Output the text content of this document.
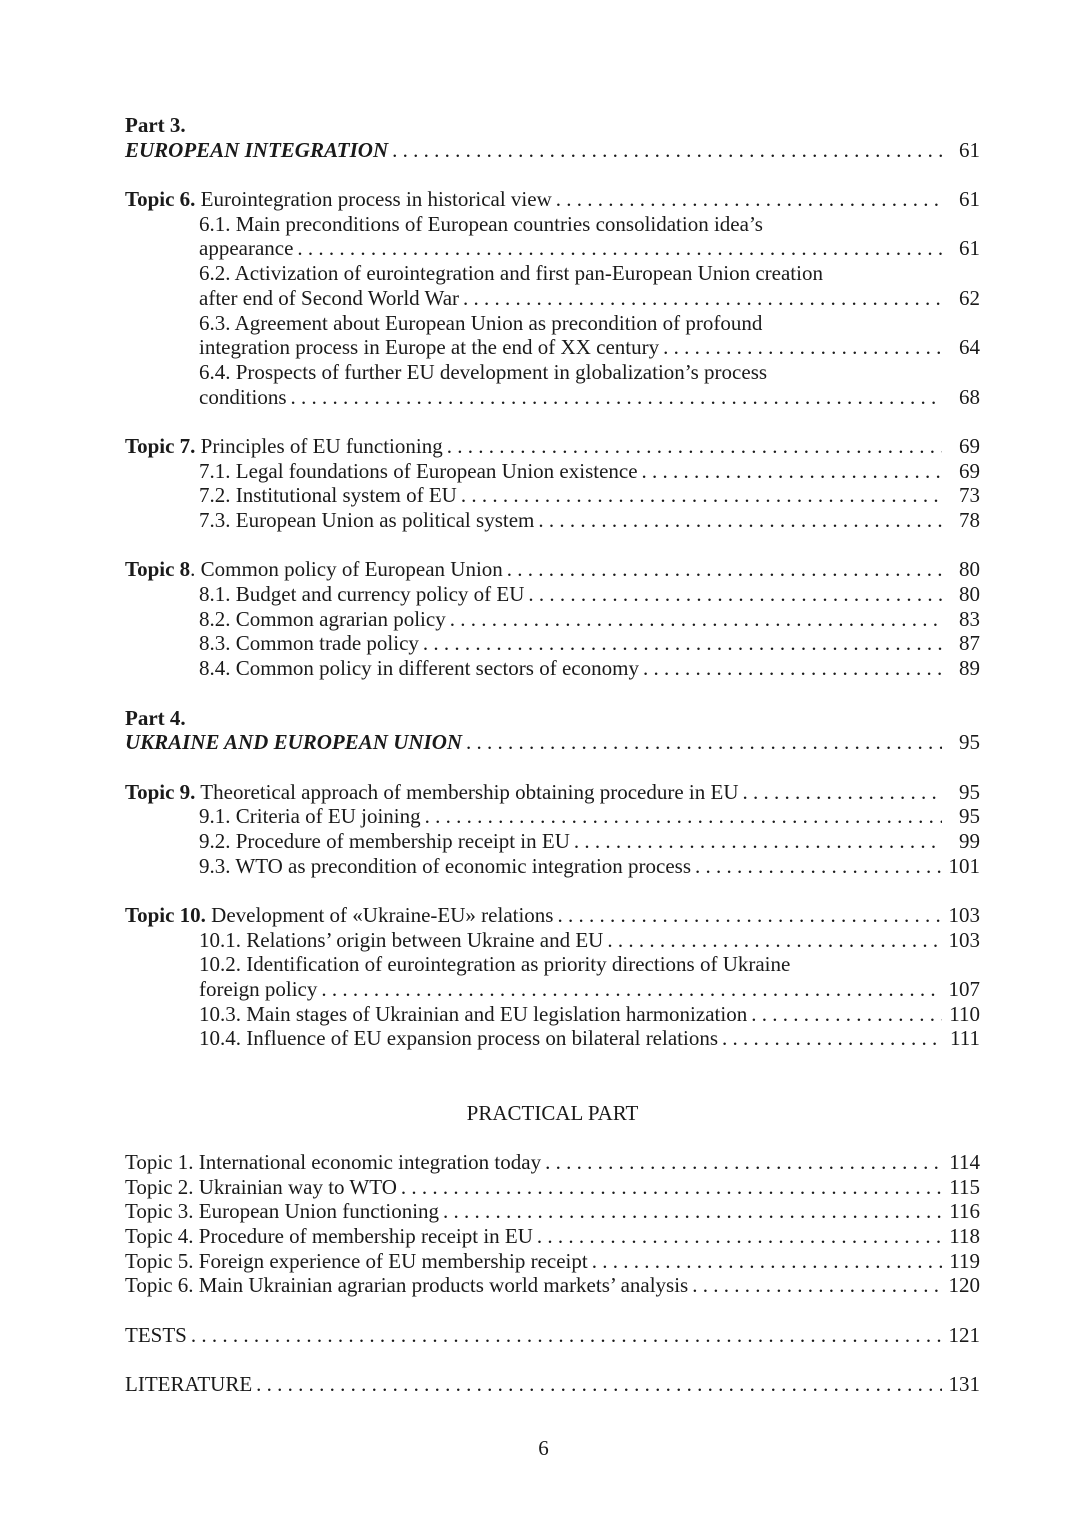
Part 3.
EUROPEAN INTEGRATION . . .	61
Topic 6. Eurointegration process in historical view . . .	61
6.1. Main preconditions of European countries consolidation idea’s
appearance . . .	61
6.2. Activization of eurointegration and first pan-European Union creation
after end of Second World War . . .	62
6.3. Agreement about European Union as precondition of profound
integration process in Europe at the end of XX century . . .	64
6.4. Prospects of further EU development in globalization’s process
conditions . . .	68
Topic 7. Principles of EU functioning . . .	69
7.1. Legal foundations of European Union existence . . .	69
7.2. Institutional system of EU . . .	73
7.3. European Union as political system . . .	78
Topic 8. Common policy of European Union . . .	80
8.1. Budget and currency policy of EU . . .	80
8.2. Common agrarian policy . . .	83
8.3. Common trade policy . . .	87
8.4. Common policy in different sectors of economy . . .	89
Part 4.
UKRAINE AND EUROPEAN UNION . . .	95
Topic 9. Theoretical approach of membership obtaining procedure in EU . . .	95
9.1. Criteria of EU joining . . .	95
9.2. Procedure of membership receipt in EU . . .	99
9.3. WTO as precondition of economic integration process . . .	101
Topic 10. Development of «Ukraine-EU» relations . . .	103
10.1. Relations’ origin between Ukraine and EU . . .	103
10.2. Identification of eurointegration as priority directions of Ukraine
foreign policy . . .	107
10.3. Main stages of Ukrainian and EU legislation harmonization . . .	110
10.4. Influence of EU expansion process on bilateral relations . . .	111
PRACTICAL PART
Topic 1. International economic integration today . . .	114
Topic 2. Ukrainian way to WTO . . .	115
Topic 3. European Union functioning . . .	116
Topic 4. Procedure of membership receipt in EU . . .	118
Topic 5. Foreign experience of EU membership receipt . . .	119
Topic 6. Main Ukrainian agrarian products world markets’ analysis . . .	120
TESTS . . .	121
LITERATURE . . .	131
6
